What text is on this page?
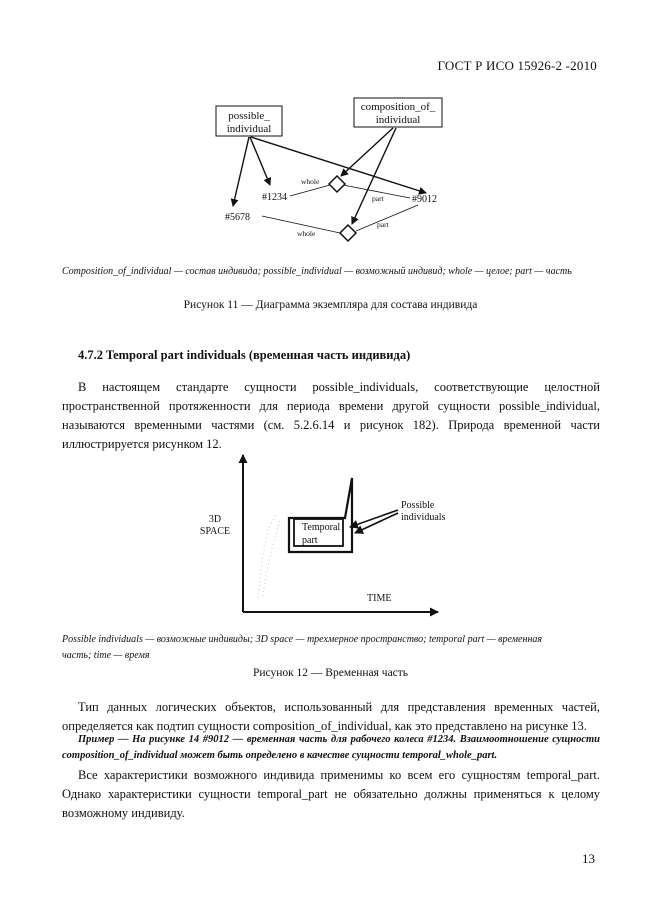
ГОСТ Р ИСО 15926-2 -2010
possible_
individual
composition_of_
individual
#1234
#5678
#9012
whole
part
whole
part
Composition_of_individual — состав индивида; possible_individual — возможный индивид; whole — целое; part — часть
Рисунок 11 — Диаграмма экземпляра для состава индивида
4.7.2 Temporal part individuals (временная часть индивида)
В настоящем стандарте сущности possible_individuals, соответствующие целостной пространственной протяженности для периода времени другой сущности possible_individual, называются временными частями (см. 5.2.6.14 и рисунок 182). Природа временной части иллюстрируется рисунком 12.
Temporal
part
Possible
individuals
3D
SPACE
TIME
Possible individuals — возможные индивиды; 3D space — трехмерное пространство; temporal part — временная
часть; time — время
Рисунок 12 — Временная часть
Тип данных логических объектов, использованный для представления временных частей, определяется как подтип сущности composition_of_individual, как это представлено на рисунке 13.
Пример — На рисунке 14 #9012 — временная часть для рабочего колеса #1234. Взаимоотношение сущности composition_of_individual может быть определено в качестве сущности temporal_whole_part.
Все характеристики возможного индивида применимы ко всем его сущностям temporal_part. Однако характеристики сущности temporal_part не обязательно должны применяться к целому возможному индивиду.
13
